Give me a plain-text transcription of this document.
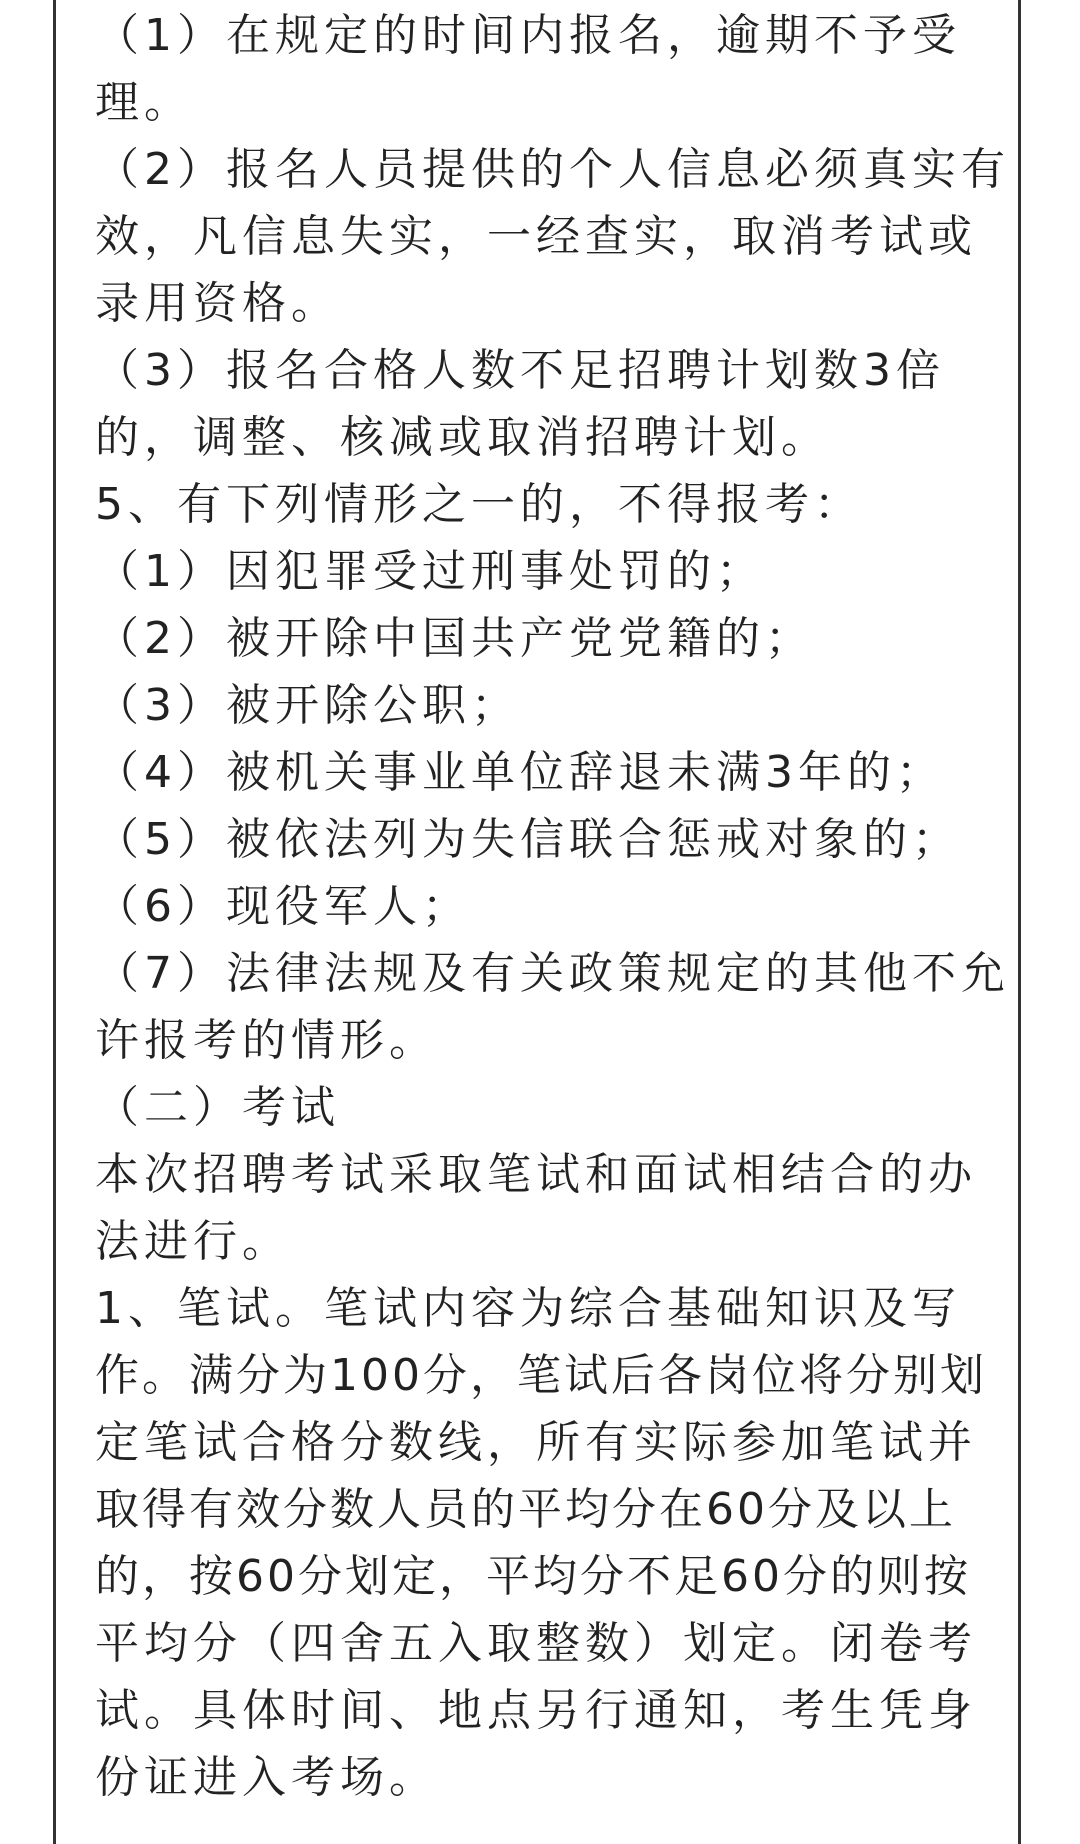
（1）在规定的时间内报名，逾期不予受
理。
（2）报名人员提供的个人信息必须真实有
效，凡信息失实，一经查实，取消考试或
录用资格。
（3）报名合格人数不足招聘计划数3倍
的，调整、核减或取消招聘计划。
5、有下列情形之一的，不得报考：
（1）因犯罪受过刑事处罚的；
（2）被开除中国共产党党籍的；
（3）被开除公职；
（4）被机关事业单位辞退未满3年的；
（5）被依法列为失信联合惩戒对象的；
（6）现役军人；
（7）法律法规及有关政策规定的其他不允
许报考的情形。
（二）考试
本次招聘考试采取笔试和面试相结合的办
法进行。
1、笔试。笔试内容为综合基础知识及写
作。满分为100分，笔试后各岗位将分别划
定笔试合格分数线，所有实际参加笔试并
取得有效分数人员的平均分在60分及以上
的，按60分划定，平均分不足60分的则按
平均分（四舍五入取整数）划定。闭卷考
试。具体时间、地点另行通知，考生凭身
份证进入考场。
